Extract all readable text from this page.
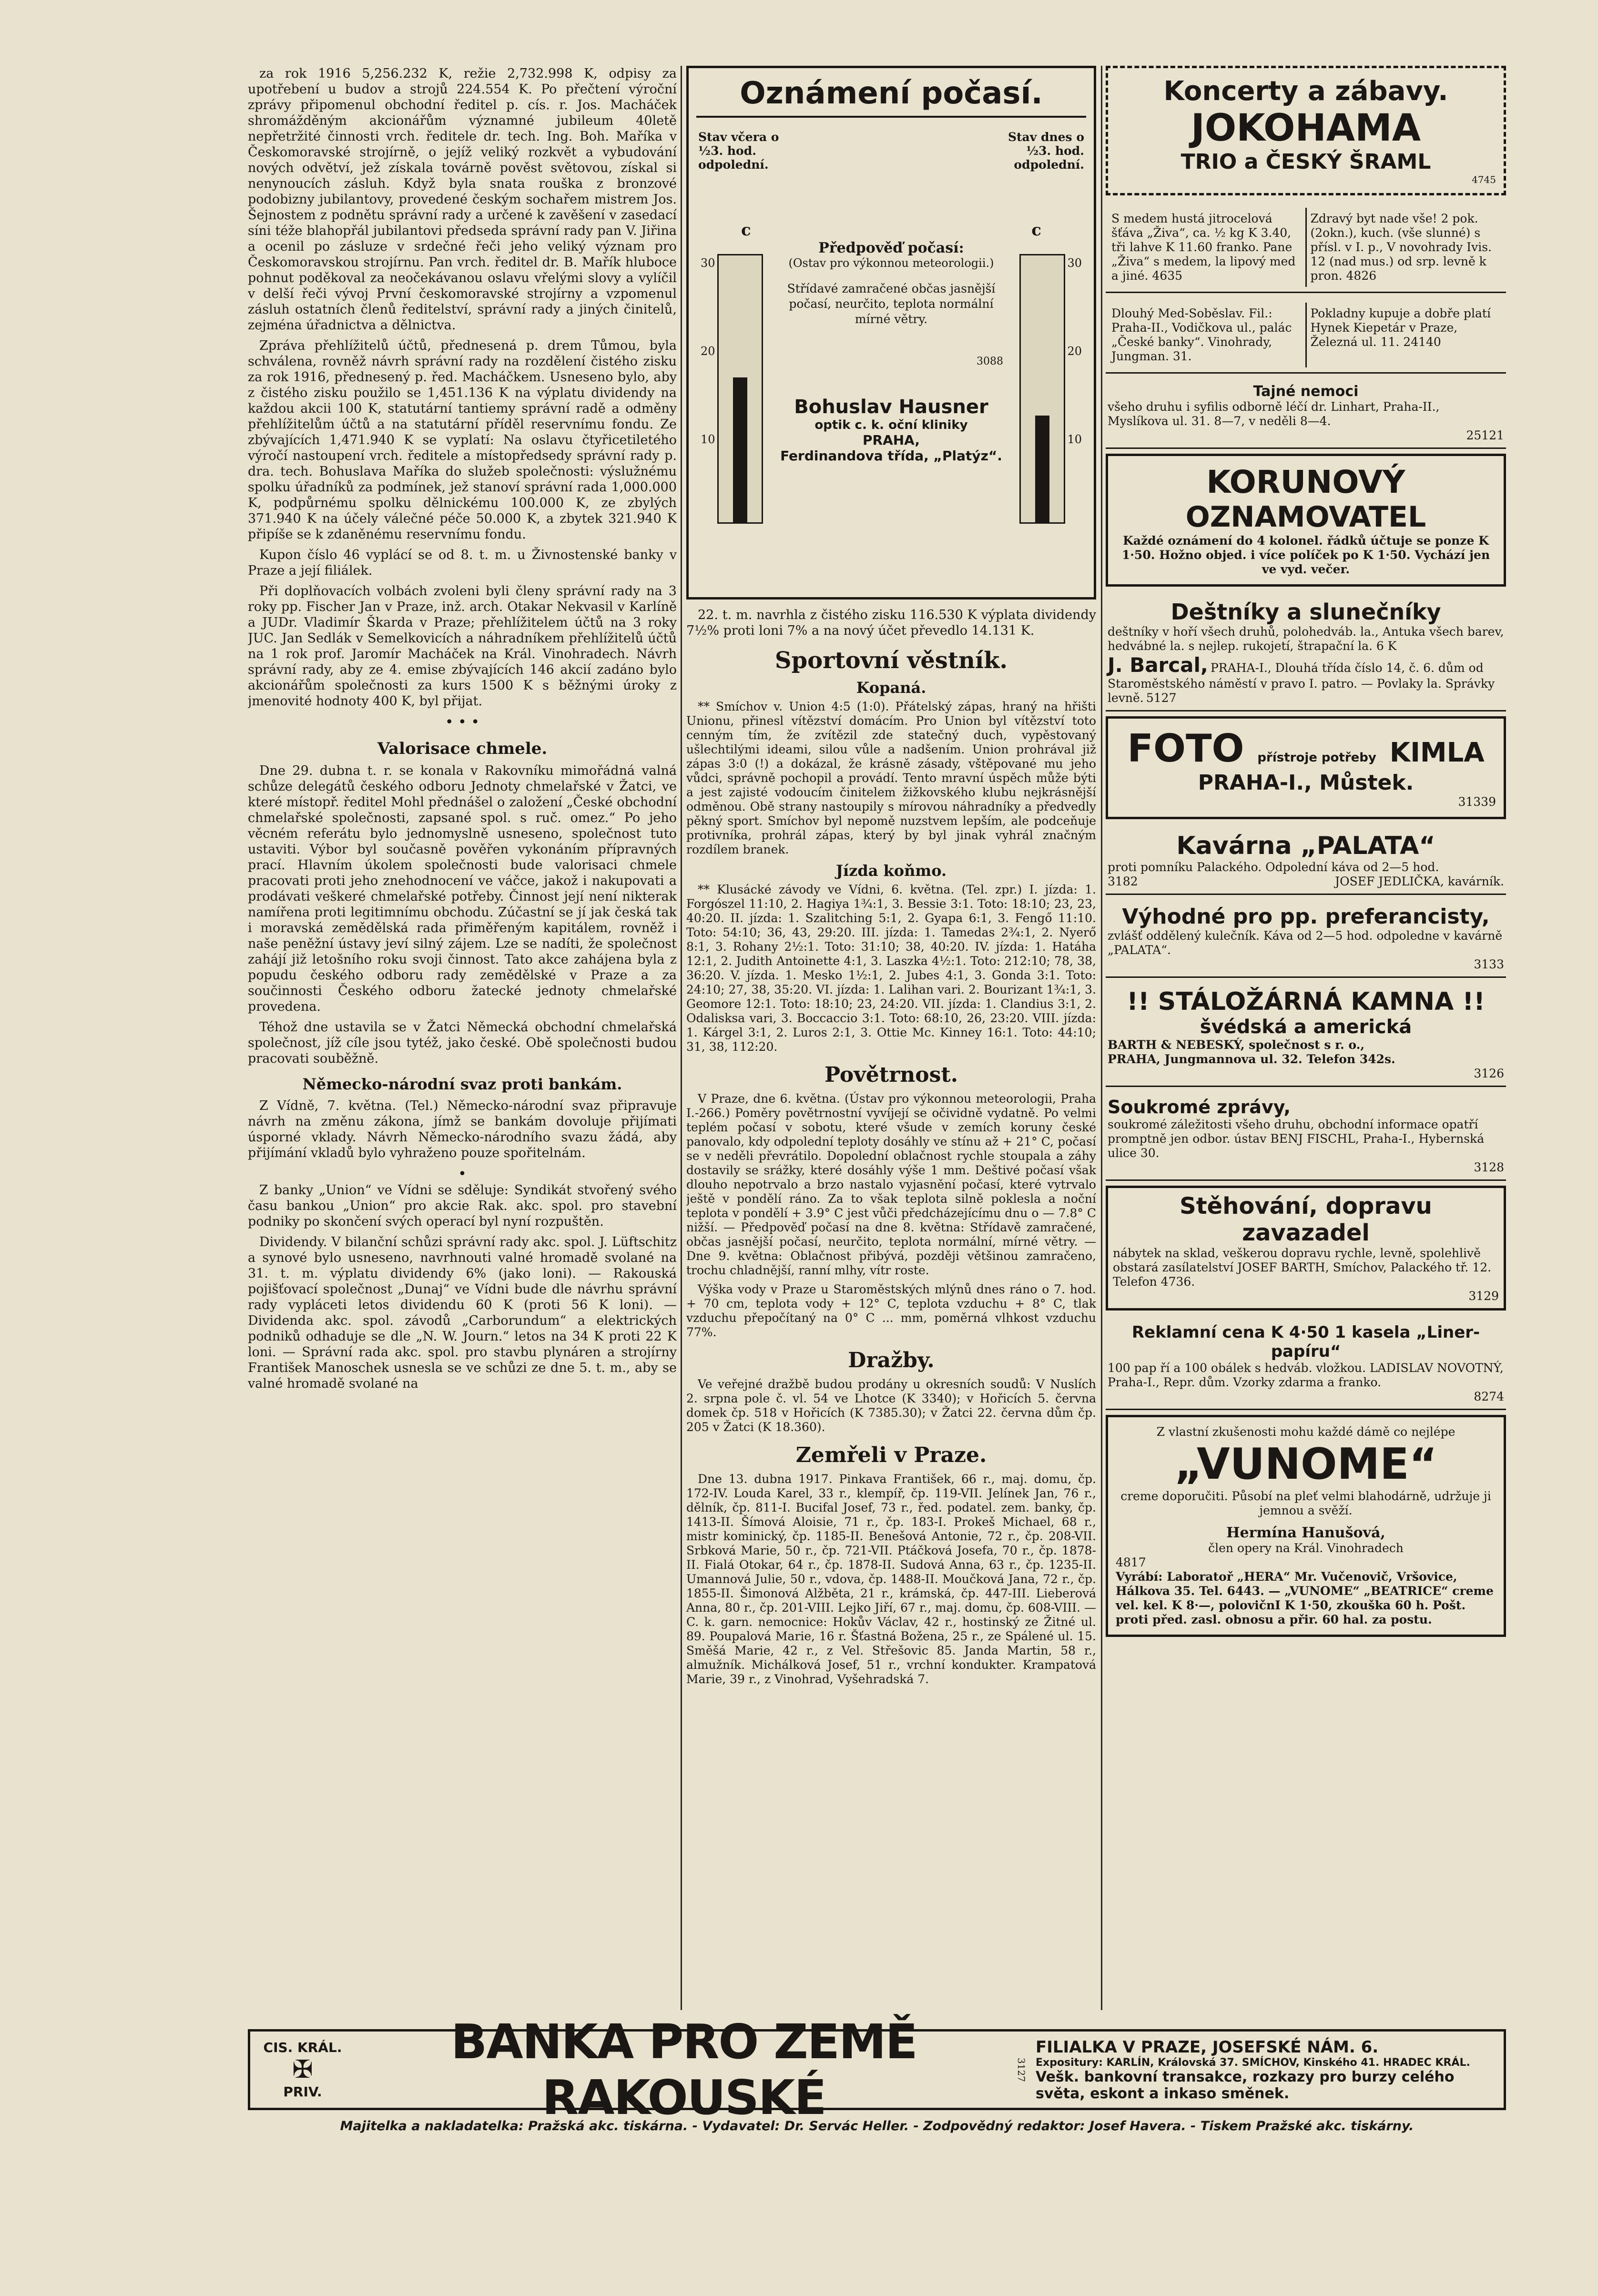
za rok 1916 5,256.232 K, režie 2,732.998 K, odpisy za upotřebení u budov a strojů 224.554 K. Po přečtení výroční zprávy připomenul obchodní ředitel p. cís. r. Jos. Macháček shromážděným akcionářům významné jubileum 40letě nepřetržité činnosti vrch. ředitele dr. tech. Ing. Boh. Maříka v Českomoravské strojírně, o jejíž veliký rozkvět a vybudování nových odvětví, jež získala továrně pověst světovou, získal si nenynoucích zásluh. Když byla snata rouška z bronzové podobizny jubilantovy, provedené českým sochařem mistrem Jos. Šejnostem z podnětu správní rady a určené k zavěšení v zasedací síni téže blahopřál jubilantovi předseda správní rady pan V. Jiřina a ocenil po zásluze v srdečné řeči jeho veliký význam pro Českomoravskou strojírnu. Pan vrch. ředitel dr. B. Mařík hluboce pohnut poděkoval za neočekávanou oslavu vřelými slovy a vylíčil v delší řeči vývoj První českomoravské strojírny a vzpomenul zásluh ostatních členů ředitelství, správní rady a jiných činitelů, zejména úřadnictva a dělnictva.

Zpráva přehlížitelů účtů, přednesená p. drem Tůmou, byla schválena, rovněž návrh správní rady na rozdělení čistého zisku za rok 1916, přednesený p. řed. Macháčkem. Usneseno bylo, aby z čistého zisku použilo se 1,451.136 K na výplatu dividendy na každou akcii 100 K, statutární tantiemy správní radě a odměny přehlížitelům účtů a na statutární příděl reservnímu fondu. Ze zbývajících 1,471.940 K se vyplatí: Na oslavu čtyřicetiletého výročí nastoupení vrch. ředitele a místopředsedy správní rady p. dra. tech. Bohuslava Maříka do služeb společnosti: výslužnému spolku úřadníků za podmínek, jež stanoví správní rada 1,000.000 K, podpůrnému spolku dělnickému 100.000 K, ze zbylých 371.940 K na účely válečné péče 50.000 K, a zbytek 321.940 K připíše se k zdaněnému reservnímu fondu.

Kupon číslo 46 vyplácí se od 8. t. m. u Živnostenské banky v Praze a její filiálek.

Při doplňovacích volbách zvoleni byli členy správní rady na 3 roky pp. Fischer Jan v Praze, inž. arch. Otakar Nekvasil v Karlíně a JUDr. Vladimír Škarda v Praze; přehlížitelem účtů na 3 roky JUC. Jan Sedlák v Semelkovicích a náhradníkem přehlížitelů účtů na 1 rok prof. Jaromír Macháček na Král. Vinohradech. Návrh správní rady, aby ze 4. emise zbývajících 146 akcií zadáno bylo akcionářům společnosti za kurs 1500 K s běžnými úroky z jmenovité hodnoty 400 K, byl přijat.

• • •
Valorisace chmele.

Dne 29. dubna t. r. se konala v Rakovníku mimořádná valná schůze delegátů českého odboru Jednoty chmelařské v Žatci, ve které místopř. ředitel Mohl přednášel o založení „České obchodní chmelařské společnosti, zapsané spol. s ruč. omez.“ Po jeho věcném referátu bylo jednomyslně usneseno, společnost tuto ustaviti. Výbor byl současně pověřen vykonáním přípravných prací. Hlavním úkolem společnosti bude valorisaci chmele pracovati proti jeho znehodnocení ve váčce, jakož i nakupovati a prodávati veškeré chmelařské potřeby. Činnost její není nikterak namířena proti legitimnímu obchodu. Zúčastní se jí jak česká tak i moravská zemědělská rada přiměřeným kapitálem, rovněž i naše peněžní ústavy jeví silný zájem. Lze se nadíti, že společnost zahájí již letošního roku svoji činnost. Tato akce zahájena byla z popudu českého odboru rady zemědělské v Praze a za součinnosti Českého odboru žatecké jednoty chmelařské provedena.

Téhož dne ustavila se v Žatci Německá obchodní chmelařská společnost, jíž cíle jsou tytéž, jako české. Obě společnosti budou pracovati souběžně.

Německo-národní svaz proti bankám.

Z Vídně, 7. května. (Tel.) Německo-národní svaz připravuje návrh na změnu zákona, jímž se bankám dovoluje přijímati úsporné vklady. Návrh Německo-národního svazu žádá, aby přijímání vkladů bylo vyhraženo pouze spořitelnám.

•

Z banky „Union“ ve Vídni se sděluje: Syndikát stvořený svého času bankou „Union“ pro akcie Rak. akc. spol. pro stavební podniky po skončení svých operací byl nyní rozpuštěn.

Dividendy. V bilanční schůzi správní rady akc. spol. J. Lüftschitz a synové bylo usneseno, navrhnouti valné hromadě svolané na 31. t. m. výplatu dividendy 6% (jako loni). — Rakouská pojišťovací společnost „Dunaj“ ve Vídni bude dle návrhu správní rady vypláceti letos dividendu 60 K (proti 56 K loni). — Dividenda akc. spol. závodů „Carborundum“ a elektrických podniků odhaduje se dle „N. W. Journ.“ letos na 34 K proti 22 K loni. — Správní rada akc. spol. pro stavbu plynáren a strojírny František Manoschek usnesla se ve schůzi ze dne 5. t. m., aby se valné hromadě svolané na

Oznámení počasí.
Stav včera o ½3. hod. odpolední.
Stav dnes o ½3. hod. odpolední.
c	c
30
20
10
30
20
10
Předpověď počasí:
(Ostav pro výkonnou meteorologii.)
Střídavé zamračené občas jasnější počasí, neurčito, teplota normální mírné větry.
3088
Bohuslav Hausner
optik c. k. oční kliniky
PRAHA,
Ferdinandova třída, „Platýz“.

22. t. m. navrhla z čistého zisku 116.530 K výplata dividendy 7½% proti loni 7% a na nový účet převedlo 14.131 K.

Sportovní věstník.
Kopaná.

** Smíchov v. Union 4:5 (1:0). Přátelský zápas, hraný na hřišti Unionu, přinesl vítězství domácím. Pro Union byl vítězství toto cenným tím, že zvítězil zde statečný duch, vypěstovaný ušlechtilými ideami, silou vůle a nadšením. Union prohrával již zápas 3:0 (!) a dokázal, že krásně zásady, vštěpované mu jeho vůdci, správně pochopil a provádí. Tento mravní úspěch může býti a jest zajisté vodoucím činitelem žižkovského klubu nejkrásnější odměnou. Obě strany nastoupily s mírovou náhradníky a předvedly pěkný sport. Smíchov byl nepomě nuzstvem lepším, ale podceňuje protivníka, prohrál zápas, který by byl jinak vyhrál značným rozdílem branek.

Jízda koňmo.

** Klusácké závody ve Vídni, 6. května. (Tel. zpr.) I. jízda: 1. Forgószel 11:10, 2. Hagiya 1¾:1, 3. Bessie 3:1. Toto: 18:10; 23, 23, 40:20. II. jízda: 1. Szalitching 5:1, 2. Gyapa 6:1, 3. Fengő 11:10. Toto: 54:10; 36, 43, 29:20. III. jízda: 1. Tamedas 2¾:1, 2. Nyerő 8:1, 3. Rohany 2½:1. Toto: 31:10; 38, 40:20. IV. jízda: 1. Hatáha 12:1, 2. Judith Antoinette 4:1, 3. Laszka 4½:1. Toto: 212:10; 78, 38, 36:20. V. jízda. 1. Mesko 1½:1, 2. Jubes 4:1, 3. Gonda 3:1. Toto: 24:10; 27, 38, 35:20. VI. jízda: 1. Lalihan vari. 2. Bourizant 1¾:1, 3. Geomore 12:1. Toto: 18:10; 23, 24:20. VII. jízda: 1. Clandius 3:1, 2. Odalisksa vari, 3. Boccaccio 3:1. Toto: 68:10, 26, 23:20. VIII. jízda: 1. Kárgel 3:1, 2. Luros 2:1, 3. Ottie Mc. Kinney 16:1. Toto: 44:10; 31, 38, 112:20.

Povětrnost.

V Praze, dne 6. května. (Ústav pro výkonnou meteorologii, Praha I.-266.) Poměry povětrnostní vyvíjejí se očividně vydatně. Po velmi teplém počasí v sobotu, které všude v zemích koruny české panovalo, kdy odpolední teploty dosáhly ve stínu až + 21° C, počasí se v neděli převrátilo. Dopolední oblačnost rychle stoupala a záhy dostavily se srážky, které dosáhly výše 1 mm. Deštivé počasí však dlouho nepotrvalo a brzo nastalo vyjasnění počasí, které vytrvalo ještě v pondělí ráno. Za to však teplota silně poklesla a noční teplota v pondělí + 3.9° C jest vůči předcházejícímu dnu o — 7.8° C nižší. — Předpověď počasí na dne 8. května: Střídavě zamračené, občas jasnější počasí, neurčito, teplota normální, mírné větry. — Dne 9. května: Oblačnost přibývá, později většinou zamračeno, trochu chladnější, ranní mlhy, vítr roste.

Výška vody v Praze u Staroměstských mlýnů dnes ráno o 7. hod. + 70 cm, teplota vody + 12° C, teplota vzduchu + 8° C, tlak vzduchu přepočítaný na 0° C ... mm, poměrná vlhkost vzduchu 77%.

Dražby.

Ve veřejné dražbě budou prodány u okresních soudů: V Nuslích 2. srpna pole č. vl. 54 ve Lhotce (K 3340); v Hořicích 5. června domek čp. 518 v Hořicích (K 7385.30); v Žatci 22. června dům čp. 205 v Žatci (K 18.360).

Zemřeli v Praze.

Dne 13. dubna 1917. Pinkava František, 66 r., maj. domu, čp. 172-IV. Louda Karel, 33 r., klempíř, čp. 119-VII. Jelínek Jan, 76 r., dělník, čp. 811-I. Bucifal Josef, 73 r., řed. podatel. zem. banky, čp. 1413-II. Šímová Aloisie, 71 r., čp. 183-I. Prokeš Michael, 68 r., mistr kominický, čp. 1185-II. Benešová Antonie, 72 r., čp. 208-VII. Srbková Marie, 50 r., čp. 721-VII. Ptáčková Josefa, 70 r., čp. 1878-II. Fialá Otokar, 64 r., čp. 1878-II. Sudová Anna, 63 r., čp. 1235-II. Umannová Julie, 50 r., vdova, čp. 1488-II. Moučková Jana, 72 r., čp. 1855-II. Šimonová Alžběta, 21 r., krámská, čp. 447-III. Lieberová Anna, 80 r., čp. 201-VIII. Lejko Jiří, 67 r., maj. domu, čp. 608-VIII. — C. k. garn. nemocnice: Hokův Václav, 42 r., hostinský ze Žitné ul. 89. Poupalová Marie, 16 r. Šťastná Božena, 25 r., ze Spálené ul. 15. Směšá Marie, 42 r., z Vel. Střešovic 85. Janda Martin, 58 r., almužník. Michálková Josef, 51 r., vrchní kondukter. Krampatová Marie, 39 r., z Vinohrad, Vyšehradská 7.

Koncerty a zábavy.
JOKOHAMA
TRIO a ČESKÝ ŠRAML
4745
S medem hustá jitrocelová šťáva „Živa“, ca. ½ kg K 3.40, tři lahve K 11.60 franko. Pane „Živa“ s medem, la lipový med a jiné. 4635
Zdravý byt nade vše! 2 pok. (2okn.), kuch. (vše slunné) s přísl. v I. p., V novohrady Ivis. 12 (nad mus.) od srp. levně k pron. 4826
Dlouhý Med-Soběslav. Fil.: Praha-II., Vodičkova ul., palác „České banky“. Vinohrady, Jungman. 31.
Pokladny kupuje a dobře platí Hynek Kiepetár v Praze, Železná ul. 11. 24140
Tajné nemoci
všeho druhu i syfilis odborně léčí dr. Linhart, Praha-II., Myslíkova ul. 31. 8—7, v neděli 8—4.
25121
KORUNOVÝ
OZNAMOVATEL
Každé oznámení do 4 kolonel. řádků účtuje se ponze K 1·50. Hožno objed. i více políček po K 1·50. Vychází jen ve vyd. večer.
Deštníky a slunečníky
deštníky v hoří všech druhů, polohedváb. la., Antuka všech barev, hedvábné la. s nejlep. rukojetí, štrapační la. 6 K
J. Barcal, PRAHA-I., Dlouhá třída číslo 14, č. 6. dům od Staroměstského náměstí v pravo I. patro. — Povlaky la. Správky levně. 5127
FOTO přístroje potřeby KIMLA
PRAHA-I., Můstek.
31339
Kavárna „PALATA“
proti pomníku Palackého. Odpolední káva od 2—5 hod.
3182	JOSEF JEDLIČKA, kavárník.
Výhodné pro pp. preferancisty,
zvlášť oddělený kulečník. Káva od 2—5 hod. odpoledne v kavárně „PALATA“.
3133
!! STÁLOŽÁRNÁ KAMNA !!
švédská a americká
BARTH & NEBESKÝ, společnost s r. o.,
PRAHA, Jungmannova ul. 32. Telefon 342s.
3126
Soukromé zprávy,
soukromé záležitosti všeho druhu, obchodní informace opatří promptně jen odbor. ústav BENJ FISCHL, Praha-I., Hybernská ulice 30.
3128
Stěhování, dopravu zavazadel
nábytek na sklad, veškerou dopravu rychle, levně, spolehlivě obstará zasílatelství JOSEF BARTH, Smíchov, Palackého tř. 12. Telefon 4736.
3129
Reklamní cena K 4·50 1 kasela „Liner-papíru“
100 pap ří a 100 obálek s hedváb. vložkou. LADISLAV NOVOTNÝ, Praha-I., Repr. dům. Vzorky zdarma a franko.
8274
Z vlastní zkušenosti mohu každé dámě co nejlépe
„VUNOME“
creme doporučiti. Působí na pleť velmi blahodárně, udržuje ji jemnou a svěží.
Hermína Hanušová,
člen opery na Král. Vinohradech
4817
Vyrábí: Laboratoř „HERA“ Mr. Vučenovič, Vršovice, Hálkova 35. Tel. 6443. — „VUNOME“ „BEATRICE“ creme vel. kel. K 8·—, polovičnI K 1·50, zkouška 60 h. Pošt. proti před. zasl. obnosu a přir. 60 hal. za postu.
CIS. KRÁL.
✠
PRIV.
BANKA PRO ZEMĚ RAKOUSKÉ	3127
FILIALKA V PRAZE, JOSEFSKÉ NÁM. 6.
Expositury: KARLÍN, Královská 37. SMÍCHOV, Kinského 41. HRADEC KRÁL.
Vešk. bankovní transakce, rozkazy pro burzy celého světa, eskont a inkaso směnek.
Majitelka a nakladatelka: Pražská akc. tiskárna. - Vydavatel: Dr. Servác Heller. - Zodpovědný redaktor: Josef Havera. - Tiskem Pražské akc. tiskárny.
